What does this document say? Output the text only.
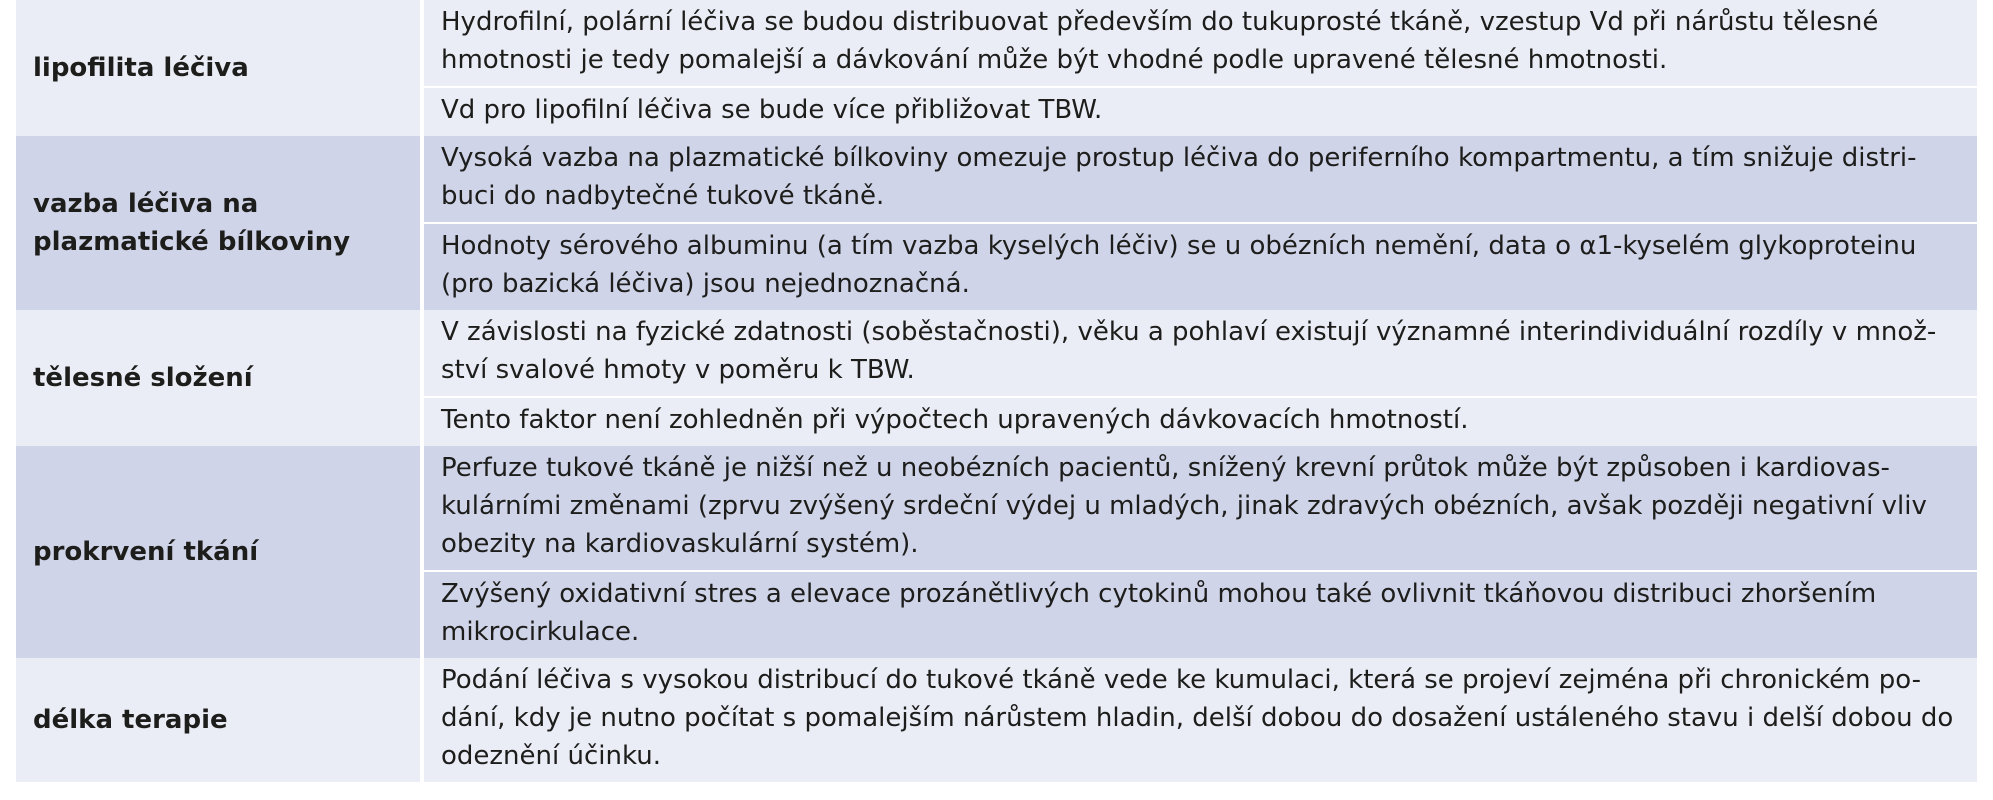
lipofilita léčiva	Hydrofilní, polární léčiva se budou distribuovat především do tukuprosté tkáně, vzestup Vd při nárůstu tělesné hmotnosti je tedy pomalejší a dávkování může být vhodné podle upravené tělesné hmotnosti.
	Vd pro lipofilní léčiva se bude více přibližovat TBW.
vazba léčiva na plazmatické bílkoviny	Vysoká vazba na plazmatické bílkoviny omezuje prostup léčiva do periferního kompartmentu, a tím snižuje distri-buci do nadbytečné tukové tkáně.
	Hodnoty sérového albuminu (a tím vazba kyselých léčiv) se u obézních nemění, data o α1-kyselém glykoproteinu (pro bazická léčiva) jsou nejednoznačná.
tělesné složení	V závislosti na fyzické zdatnosti (soběstačnosti), věku a pohlaví existují významné interindividuální rozdíly v množ-ství svalové hmoty v poměru k TBW.
	Tento faktor není zohledněn při výpočtech upravených dávkovacích hmotností.
prokrvení tkání	Perfuze tukové tkáně je nižší než u neobézních pacientů, snížený krevní průtok může být způsoben i kardiovas-kulárními změnami (zprvu zvýšený srdeční výdej u mladých, jinak zdravých obézních, avšak později negativní vliv obezity na kardiovaskulární systém).
	Zvýšený oxidativní stres a elevace prozánětlivých cytokinů mohou také ovlivnit tkáňovou distribuci zhoršením mikrocirkulace.
délka terapie	Podání léčiva s vysokou distribucí do tukové tkáně vede ke kumulaci, která se projeví zejména při chronickém po-dání, kdy je nutno počítat s pomalejším nárůstem hladin, delší dobou do dosažení ustáleného stavu i delší dobou do odeznění účinku.
